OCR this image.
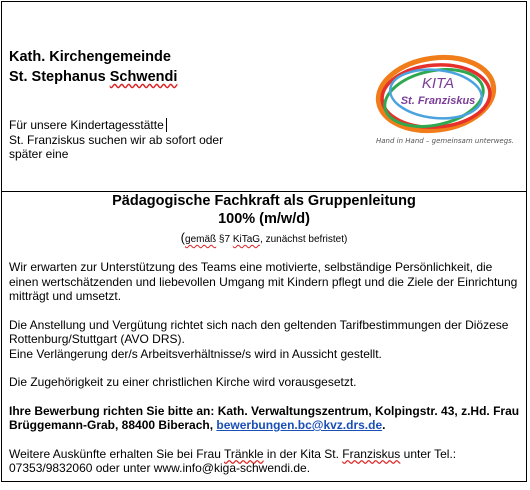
Kath. Kirchengemeinde
St. Stephanus Schwendi
Für unsere Kindertagesstätte
St. Franziskus suchen wir ab sofort oder
später eine
KITA
St. Franziskus
Hand in Hand – gemeinsam unterwegs.
Pädagogische Fachkraft als Gruppenleitung
100% (m/w/d)
(gemäß §7 KiTaG, zunächst befristet)

Wir erwarten zur Unterstützung des Teams eine motivierte, selbständige Persönlichkeit, die einen wertschätzenden und liebevollen Umgang mit Kindern pflegt und die Ziele der Einrichtung mitträgt und umsetzt.

Die Anstellung und Vergütung richtet sich nach den geltenden Tarifbestimmungen der Diözese Rottenburg/Stuttgart (AVO DRS).
Eine Verlängerung der/s Arbeitsverhältnisse/s wird in Aussicht gestellt.

Die Zugehörigkeit zu einer christlichen Kirche wird vorausgesetzt.

Ihre Bewerbung richten Sie bitte an: Kath. Verwaltungszentrum, Kolpingstr. 43, z.Hd. Frau Brüggemann-Grab, 88400 Biberach, bewerbungen.bc@kvz.drs.de.

Weitere Auskünfte erhalten Sie bei Frau Tränkle in der Kita St. Franziskus unter Tel.: 07353/9832060 oder unter www.info@kiga-schwendi.de.
